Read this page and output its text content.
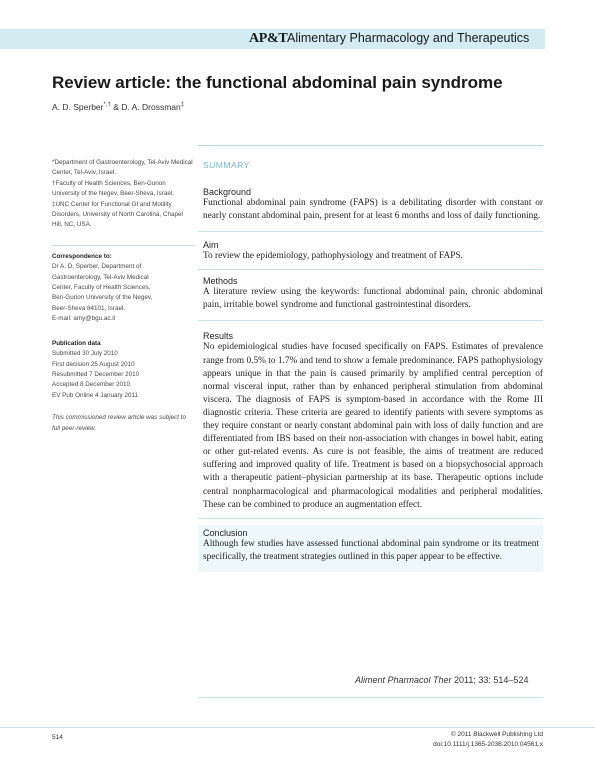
AP&T Alimentary Pharmacology and Therapeutics
Review article: the functional abdominal pain syndrome
A. D. Sperber*,† & D. A. Drossman‡

*Department of Gastroenterology, Tel-Aviv Medical Center, Tel-Aviv, Israel.

†Faculty of Health Sciences, Ben-Gurion University of the Negev, Beer-Sheva, Israel.

‡UNC Center for Functional GI and Motility Disorders, University of North Carolina, Chapel Hill, NC, USA.

Correspondence to:

Dr A. D. Sperber, Department of

Gastroenterology, Tel-Aviv Medical

Center, Faculty of Health Sciences,

Ben-Gurion University of the Negev,

Beer-Sheva 84101, Israel.

E-mail: amy@bgu.ac.il

Publication data

Submitted 30 July 2010

First decision 25 August 2010

Resubmitted 7 December 2010

Accepted 8 December 2010

EV Pub Online 4 January 2011

This commissioned review article was subject to full peer-review.

SUMMARY

Background

Functional abdominal pain syndrome (FAPS) is a debilitating disorder with constant or nearly constant abdominal pain, present for at least 6 months and loss of daily functioning.

Aim

To review the epidemiology, pathophysiology and treatment of FAPS.

Methods

A literature review using the keywords: functional abdominal pain, chronic abdominal pain, irritable bowel syndrome and functional gastrointestinal disorders.

Results

No epidemiological studies have focused specifically on FAPS. Estimates of prevalence range from 0.5% to 1.7% and tend to show a female predominance. FAPS pathophysiology appears unique in that the pain is caused primarily by amplified central perception of normal visceral input, rather than by enhanced peripheral stimulation from abdominal viscera. The diagnosis of FAPS is symptom-based in accordance with the Rome III diagnostic criteria. These criteria are geared to identify patients with severe symptoms as they require constant or nearly constant abdominal pain with loss of daily function and are differentiated from IBS based on their non-association with changes in bowel habit, eating or other gut-related events. As cure is not feasible, the aims of treatment are reduced suffering and improved quality of life. Treatment is based on a biopsychosocial approach with a therapeutic patient–physician partnership at its base. Therapeutic options include central nonpharmacological and pharmacological modalities and peripheral modalities. These can be combined to produce an augmentation effect.

Conclusion

Although few studies have assessed functional abdominal pain syndrome or its treatment specifically, the treatment strategies outlined in this paper appear to be effective.

Aliment Pharmacol Ther 2011; 33: 514–524
514	© 2011 Blackwell Publishing Ltd
doi:10.1111/j.1365-2036.2010.04561.x
